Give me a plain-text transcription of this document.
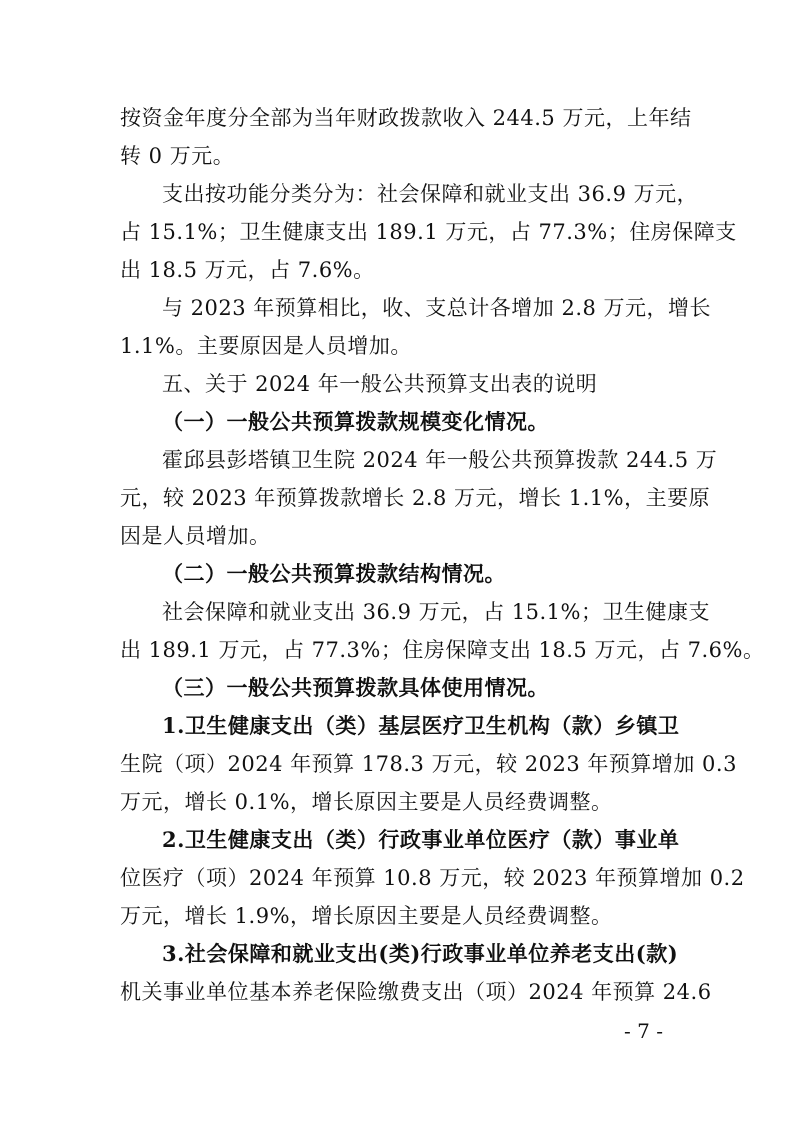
按资金年度分全部为当年财政拨款收入 244.5 万元，上年结
转 0 万元。
支出按功能分类分为：社会保障和就业支出 36.9 万元，
占 15.1%；卫生健康支出 189.1 万元，占 77.3%；住房保障支
出 18.5 万元，占 7.6%。
与 2023 年预算相比，收、支总计各增加 2.8 万元，增长
1.1%。主要原因是人员增加。
五、关于 2024 年一般公共预算支出表的说明
（一）一般公共预算拨款规模变化情况。
霍邱县彭塔镇卫生院 2024 年一般公共预算拨款 244.5 万
元，较 2023 年预算拨款增长 2.8 万元，增长 1.1%，主要原
因是人员增加。
（二）一般公共预算拨款结构情况。
社会保障和就业支出 36.9 万元，占 15.1%；卫生健康支
出 189.1 万元，占 77.3%；住房保障支出 18.5 万元，占 7.6%。
（三）一般公共预算拨款具体使用情况。
1.卫生健康支出（类）基层医疗卫生机构（款）乡镇卫
生院（项）2024 年预算 178.3 万元，较 2023 年预算增加 0.3
万元，增长 0.1%，增长原因主要是人员经费调整。
2.卫生健康支出（类）行政事业单位医疗（款）事业单
位医疗（项）2024 年预算 10.8 万元，较 2023 年预算增加 0.2
万元，增长 1.9%，增长原因主要是人员经费调整。
3.社会保障和就业支出(类)行政事业单位养老支出(款)
机关事业单位基本养老保险缴费支出（项）2024 年预算 24.6
- 7 -
